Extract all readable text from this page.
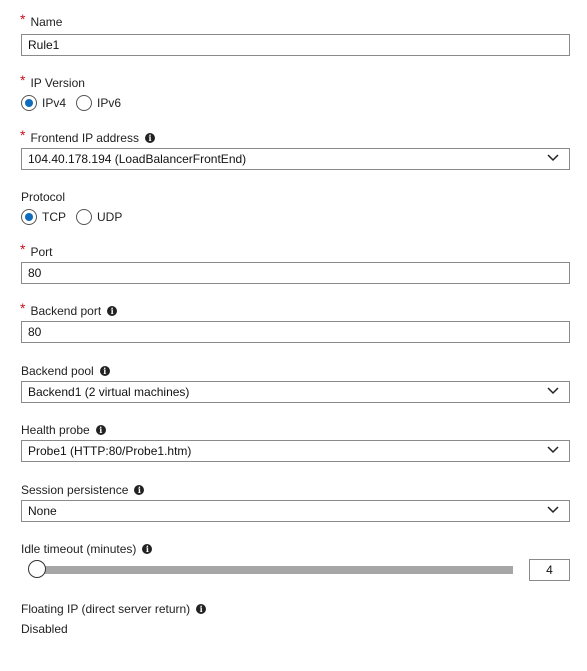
* Name
Rule1
* IP Version
IPv4	IPv6
* Frontend IP address	i
104.40.178.194 (LoadBalancerFrontEnd)
Protocol
TCP	UDP
* Port
80
* Backend port	i
80
Backend pool	i
Backend1 (2 virtual machines)
Health probe	i
Probe1 (HTTP:80/Probe1.htm)
Session persistence	i
None
Idle timeout (minutes)	i
4
Floating IP (direct server return)	i
Disabled
